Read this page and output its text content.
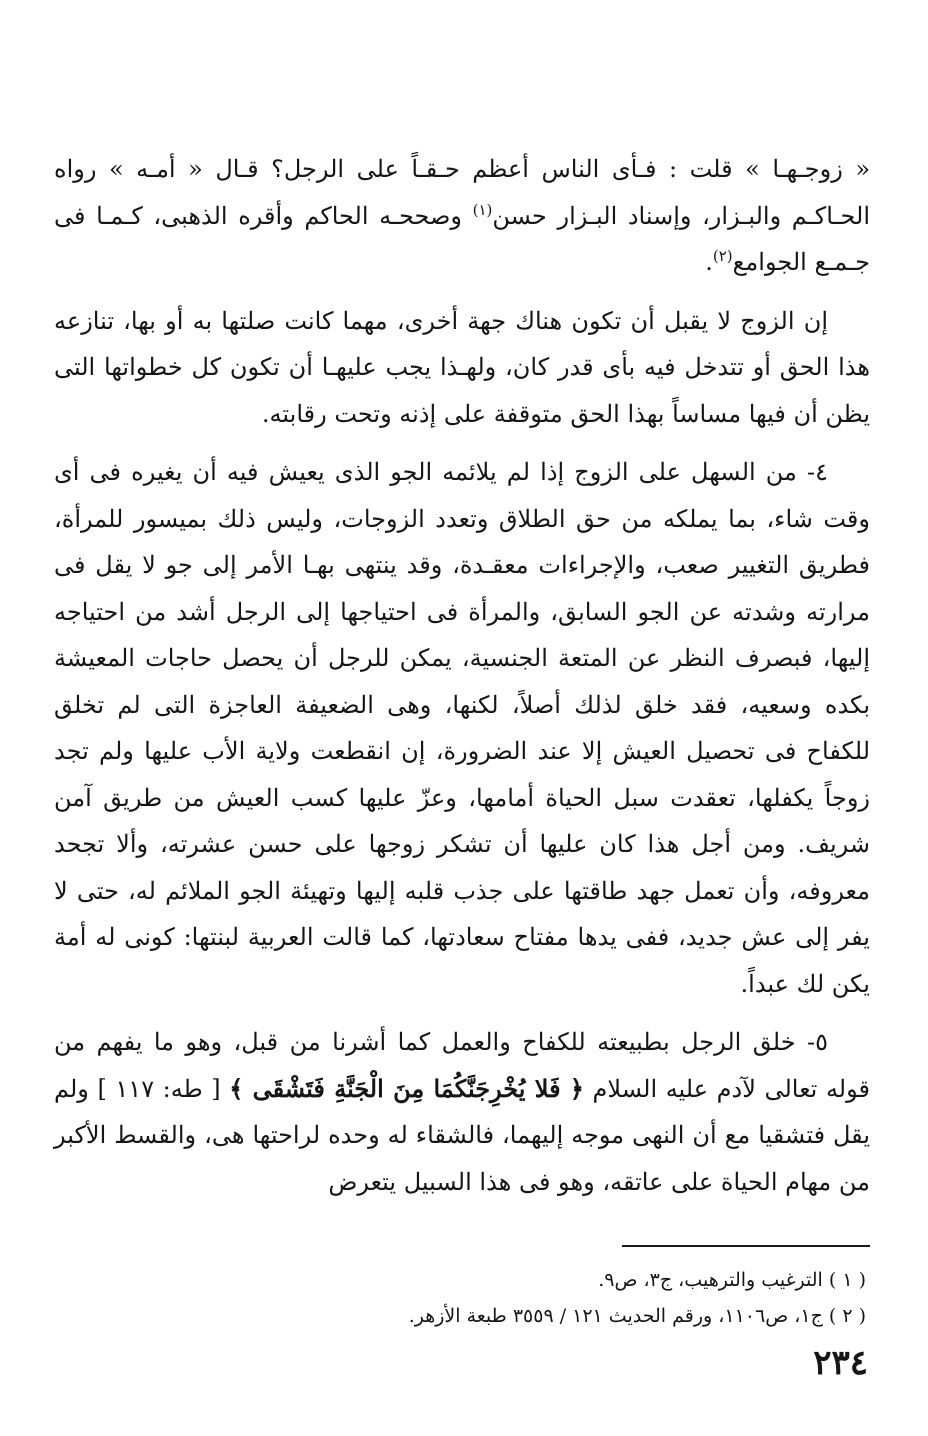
« زوجـهـا » قلت : فـأى الناس أعظم حـقـاً على الرجل؟ قـال « أمـه » رواه الحـاكـم والبـزار، وإسناد البـزار حسن$^{(١)}$ وصححـه الحاكم وأقره الذهبى، كـمـا فى جـمـع الجوامع$^{(٢)}$.

إن الزوج لا يقبل أن تكون هناك جهة أخرى، مهما كانت صلتها به أو بها، تنازعه هذا الحق أو تتدخل فيه بأى قدر كان، ولهـذا يجب عليهـا أن تكون كل خطواتها التى يظن أن فيها مساساً بهذا الحق متوقفة على إذنه وتحت رقابته.

٤- من السهل على الزوج إذا لم يلائمه الجو الذى يعيش فيه أن يغيره فى أى وقت شاء، بما يملكه من حق الطلاق وتعدد الزوجات، وليس ذلك بميسور للمرأة، فطريق التغيير صعب، والإجراءات معقـدة، وقد ينتهى بهـا الأمر إلى جو لا يقل فى مرارته وشدته عن الجو السابق، والمرأة فى احتياجها إلى الرجل أشد من احتياجه إليها، فبصرف النظر عن المتعة الجنسية، يمكن للرجل أن يحصل حاجات المعيشة بكده وسعيه، فقد خلق لذلك أصلاً، لكنها، وهى الضعيفة العاجزة التى لم تخلق للكفاح فى تحصيل العيش إلا عند الضرورة، إن انقطعت ولاية الأب عليها ولم تجد زوجاً يكفلها، تعقدت سبل الحياة أمامها، وعزّ عليها كسب العيش من طريق آمن شريف. ومن أجل هذا كان عليها أن تشكر زوجها على حسن عشرته، وألا تجحد معروفه، وأن تعمل جهد طاقتها على جذب قلبه إليها وتهيئة الجو الملائم له، حتى لا يفر إلى عش جديد، ففى يدها مفتاح سعادتها، كما قالت العربية لبنتها: كونى له أمة يكن لك عبداً.

٥- خلق الرجل بطبيعته للكفاح والعمل كما أشرنا من قبل، وهو ما يفهم من قوله تعالى لآدم عليه السلام ﴿ فَلا يُخْرِجَنَّكُمَا مِنَ الْجَنَّةِ فَتَشْقَى ﴾ [ طه: ١١٧ ] ولم يقل فتشقيا مع أن النهى موجه إليهما، فالشقاء له وحده لراحتها هى، والقسط الأكبر من مهام الحياة على عاتقه، وهو فى هذا السبيل يتعرض

( ١ ) الترغيب والترهيب، ج٣، ص٩.

( ٢ ) ج١، ص١١٠٦، ورقم الحديث ١٢١ / ٣٥٥٩ طبعة الأزهر.

٢٣٤
